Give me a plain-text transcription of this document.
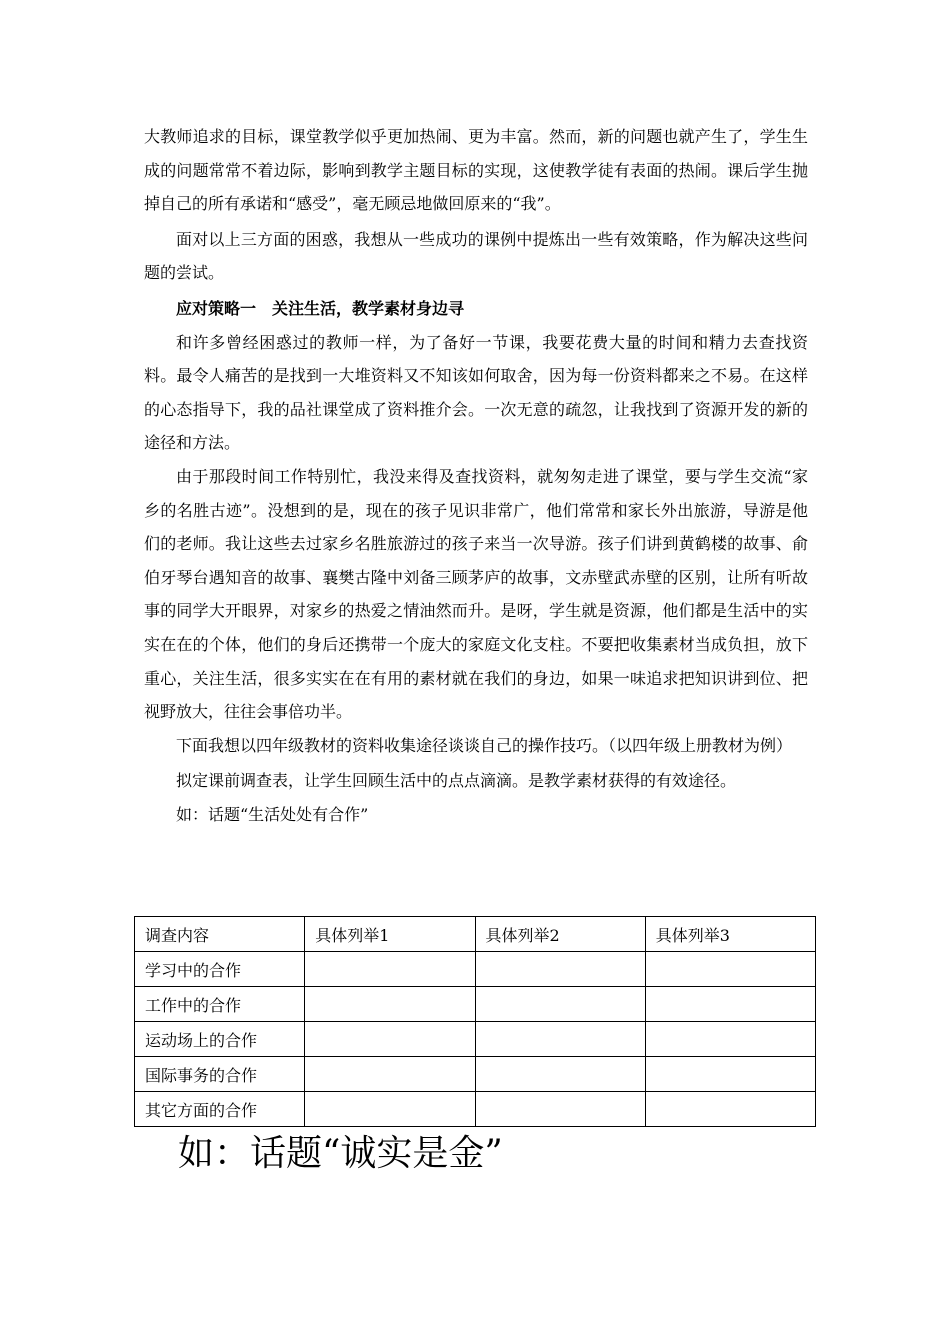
大教师追求的目标，课堂教学似乎更加热闹、更为丰富。然而，新的问题也就产生了，学生生成的问题常常不着边际，影响到教学主题目标的实现，这使教学徒有表面的热闹。课后学生抛掉自己的所有承诺和“感受”，毫无顾忌地做回原来的“我”。

面对以上三方面的困惑，我想从一些成功的课例中提炼出一些有效策略，作为解决这些问题的尝试。

应对策略一　关注生活，教学素材身边寻

和许多曾经困惑过的教师一样，为了备好一节课，我要花费大量的时间和精力去查找资料。最令人痛苦的是找到一大堆资料又不知该如何取舍，因为每一份资料都来之不易。在这样的心态指导下，我的品社课堂成了资料推介会。一次无意的疏忽，让我找到了资源开发的新的途径和方法。

由于那段时间工作特别忙，我没来得及查找资料，就匆匆走进了课堂，要与学生交流“家乡的名胜古迹”。没想到的是，现在的孩子见识非常广，他们常常和家长外出旅游，导游是他们的老师。我让这些去过家乡名胜旅游过的孩子来当一次导游。孩子们讲到黄鹤楼的故事、俞伯牙琴台遇知音的故事、襄樊古隆中刘备三顾茅庐的故事，文赤壁武赤壁的区别，让所有听故事的同学大开眼界，对家乡的热爱之情油然而升。是呀，学生就是资源，他们都是生活中的实实在在的个体，他们的身后还携带一个庞大的家庭文化支柱。不要把收集素材当成负担，放下重心，关注生活，很多实实在在有用的素材就在我们的身边，如果一味追求把知识讲到位、把视野放大，往往会事倍功半。

下面我想以四年级教材的资料收集途径谈谈自己的操作技巧。（以四年级上册教材为例）

拟定课前调查表，让学生回顾生活中的点点滴滴。是教学素材获得的有效途径。

如：话题“生活处处有合作”

调查内容	具体列举1	具体列举2	具体列举3
学习中的合作			
工作中的合作			
运动场上的合作			
国际事务的合作			
其它方面的合作			

如：话题“诚实是金”
